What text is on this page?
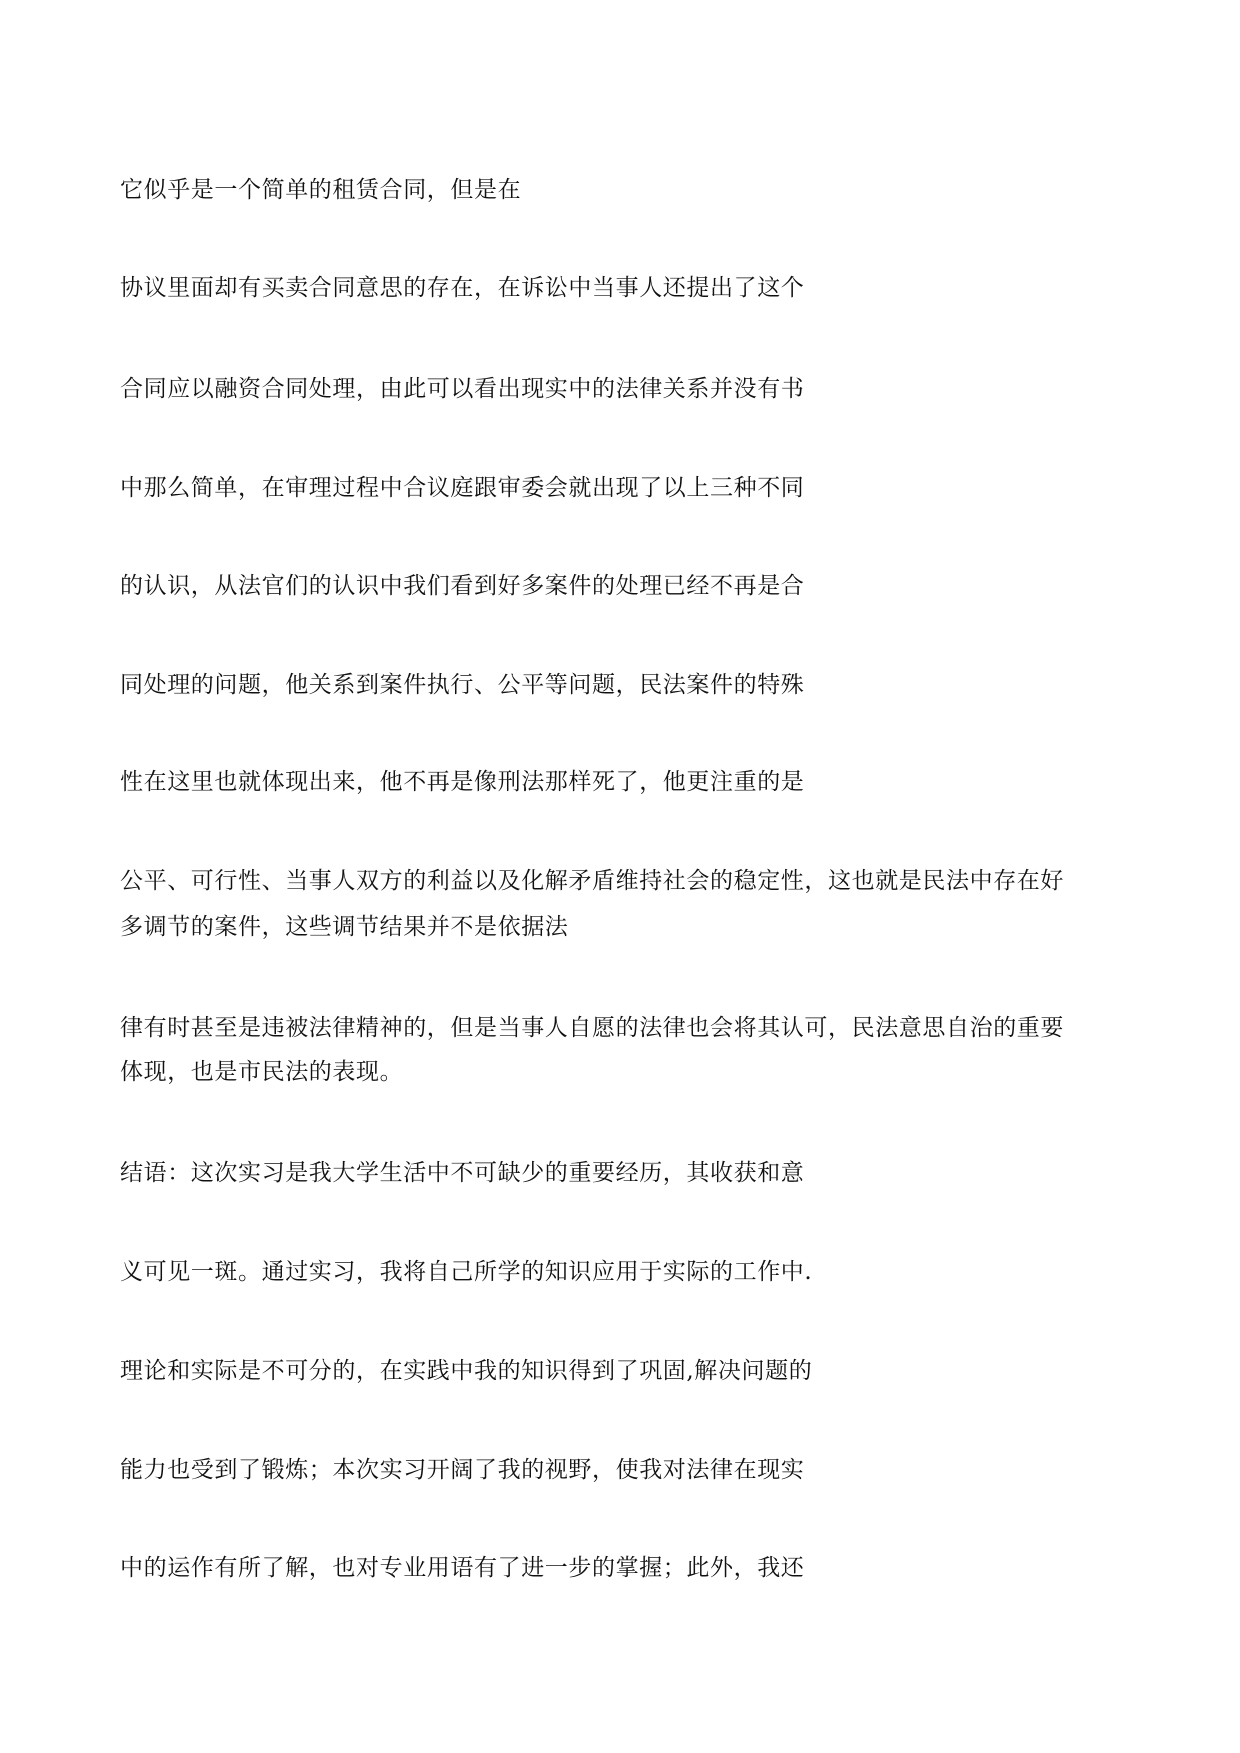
它似乎是一个简单的租赁合同，但是在
协议里面却有买卖合同意思的存在，在诉讼中当事人还提出了这个
合同应以融资合同处理，由此可以看出现实中的法律关系并没有书
中那么简单，在审理过程中合议庭跟审委会就出现了以上三种不同
的认识，从法官们的认识中我们看到好多案件的处理已经不再是合
同处理的问题，他关系到案件执行、公平等问题，民法案件的特殊
性在这里也就体现出来，他不再是像刑法那样死了，他更注重的是
公平、可行性、当事人双方的利益以及化解矛盾维持社会的稳定性，这也就是民法中存在好
多调节的案件，这些调节结果并不是依据法
律有时甚至是违被法律精神的，但是当事人自愿的法律也会将其认可，民法意思自治的重要
体现，也是市民法的表现。
结语：这次实习是我大学生活中不可缺少的重要经历，其收获和意
义可见一斑。通过实习，我将自己所学的知识应用于实际的工作中.
理论和实际是不可分的，在实践中我的知识得到了巩固,解决问题的
能力也受到了锻炼；本次实习开阔了我的视野，使我对法律在现实
中的运作有所了解，也对专业用语有了进一步的掌握；此外，我还
